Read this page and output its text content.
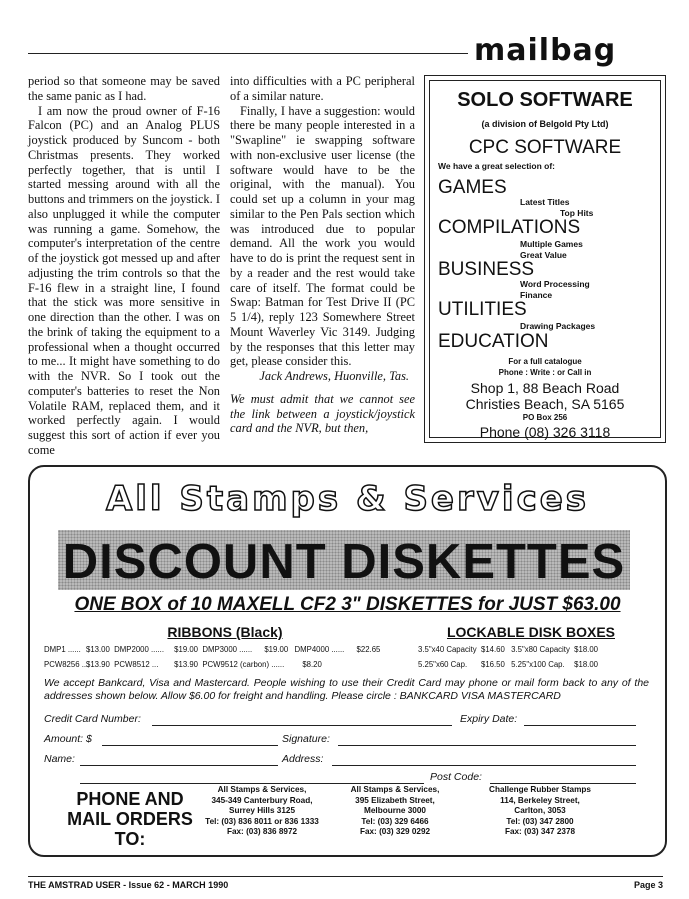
mailbag

period so that someone may be saved the same panic as I had.

I am now the proud owner of F-16 Falcon (PC) and an Analog PLUS joystick produced by Suncom - both Christmas presents. They worked perfectly together, that is until I started messing around with all the buttons and trimmers on the joystick. I also unplugged it while the computer was running a game. Somehow, the computer's interpretation of the centre of the joystick got messed up and after adjusting the trim controls so that the F-16 flew in a straight line, I found that the stick was more sensitive in one direction than the other. I was on the brink of taking the equipment to a professional when a thought occurred to me... It might have something to do with the NVR. So I took out the computer's batteries to reset the Non Volatile RAM, replaced them, and it worked perfectly again. I would suggest this sort of action if ever you come

into difficulties with a PC peripheral of a similar nature.

Finally, I have a suggestion: would there be many people interested in a "Swapline" ie swapping software with non-exclusive user license (the software would have to be the original, with the manual). You could set up a column in your mag similar to the Pen Pals section which was introduced due to popular demand. All the work you would have to do is print the request sent in by a reader and the rest would take care of itself. The format could be Swap: Batman for Test Drive II (PC 5 1/4), reply 123 Somewhere Street Mount Waverley Vic 3149. Judging by the responses that this letter may get, please consider this.

Jack Andrews, Huonville, Tas.

We must admit that we cannot see the link between a joystick/joystick card and the NVR, but then,

SOLO SOFTWARE
(a division of Belgold Pty Ltd)
CPC SOFTWARE
We have a great selection of:
GAMES
Latest Titles
Top Hits
COMPILATIONS
Multiple Games
Great Value
BUSINESS
Word Processing
Finance
UTILITIES
Drawing Packages
EDUCATION
For a full catalogue
Phone : Write : or Call in
Shop 1, 88 Beach Road
Christies Beach, SA 5165
PO Box 256
Phone (08) 326 3118
All Stamps & Services
DISCOUNT DISKETTES
ONE BOX of 10 MAXELL CF2 3" DISKETTES for JUST $63.00
RIBBONS (Black)	LOCKABLE DISK BOXES
DMP1 ...... $13.00 DMP2000 ...... $19.00 DMP3000 ...... $19.00 DMP4000 ...... $22.65
PCW8256 ...$13.90 PCW8512 ... $13.90 PCW9512 (carbon) ...... $8.20
3.5"x40 Capacity $14.60 3.5"x80 Capacity $18.00
5.25"x60 Cap. $16.50 5.25"x100 Cap. $18.00
We accept Bankcard, Visa and Mastercard. People wishing to use their Credit Card may phone or mail form back to any of the addresses shown below. Allow $6.00 for freight and handling. Please circle : BANKCARD VISA MASTERCARD
Credit Card Number:	Expiry Date:
Amount: $	Signature:
Name:	Address:
Post Code:
PHONE AND
MAIL ORDERS
TO:
All Stamps & Services,
345-349 Canterbury Road,
Surrey Hills 3125
Tel: (03) 836 8011 or 836 1333
Fax: (03) 836 8972
All Stamps & Services,
395 Elizabeth Street,
Melbourne 3000
Tel: (03) 329 6466
Fax: (03) 329 0292
Challenge Rubber Stamps
114, Berkeley Street,
Carlton, 3053
Tel: (03) 347 2800
Fax: (03) 347 2378
THE AMSTRAD USER - Issue 62 - MARCH 1990	Page 3
